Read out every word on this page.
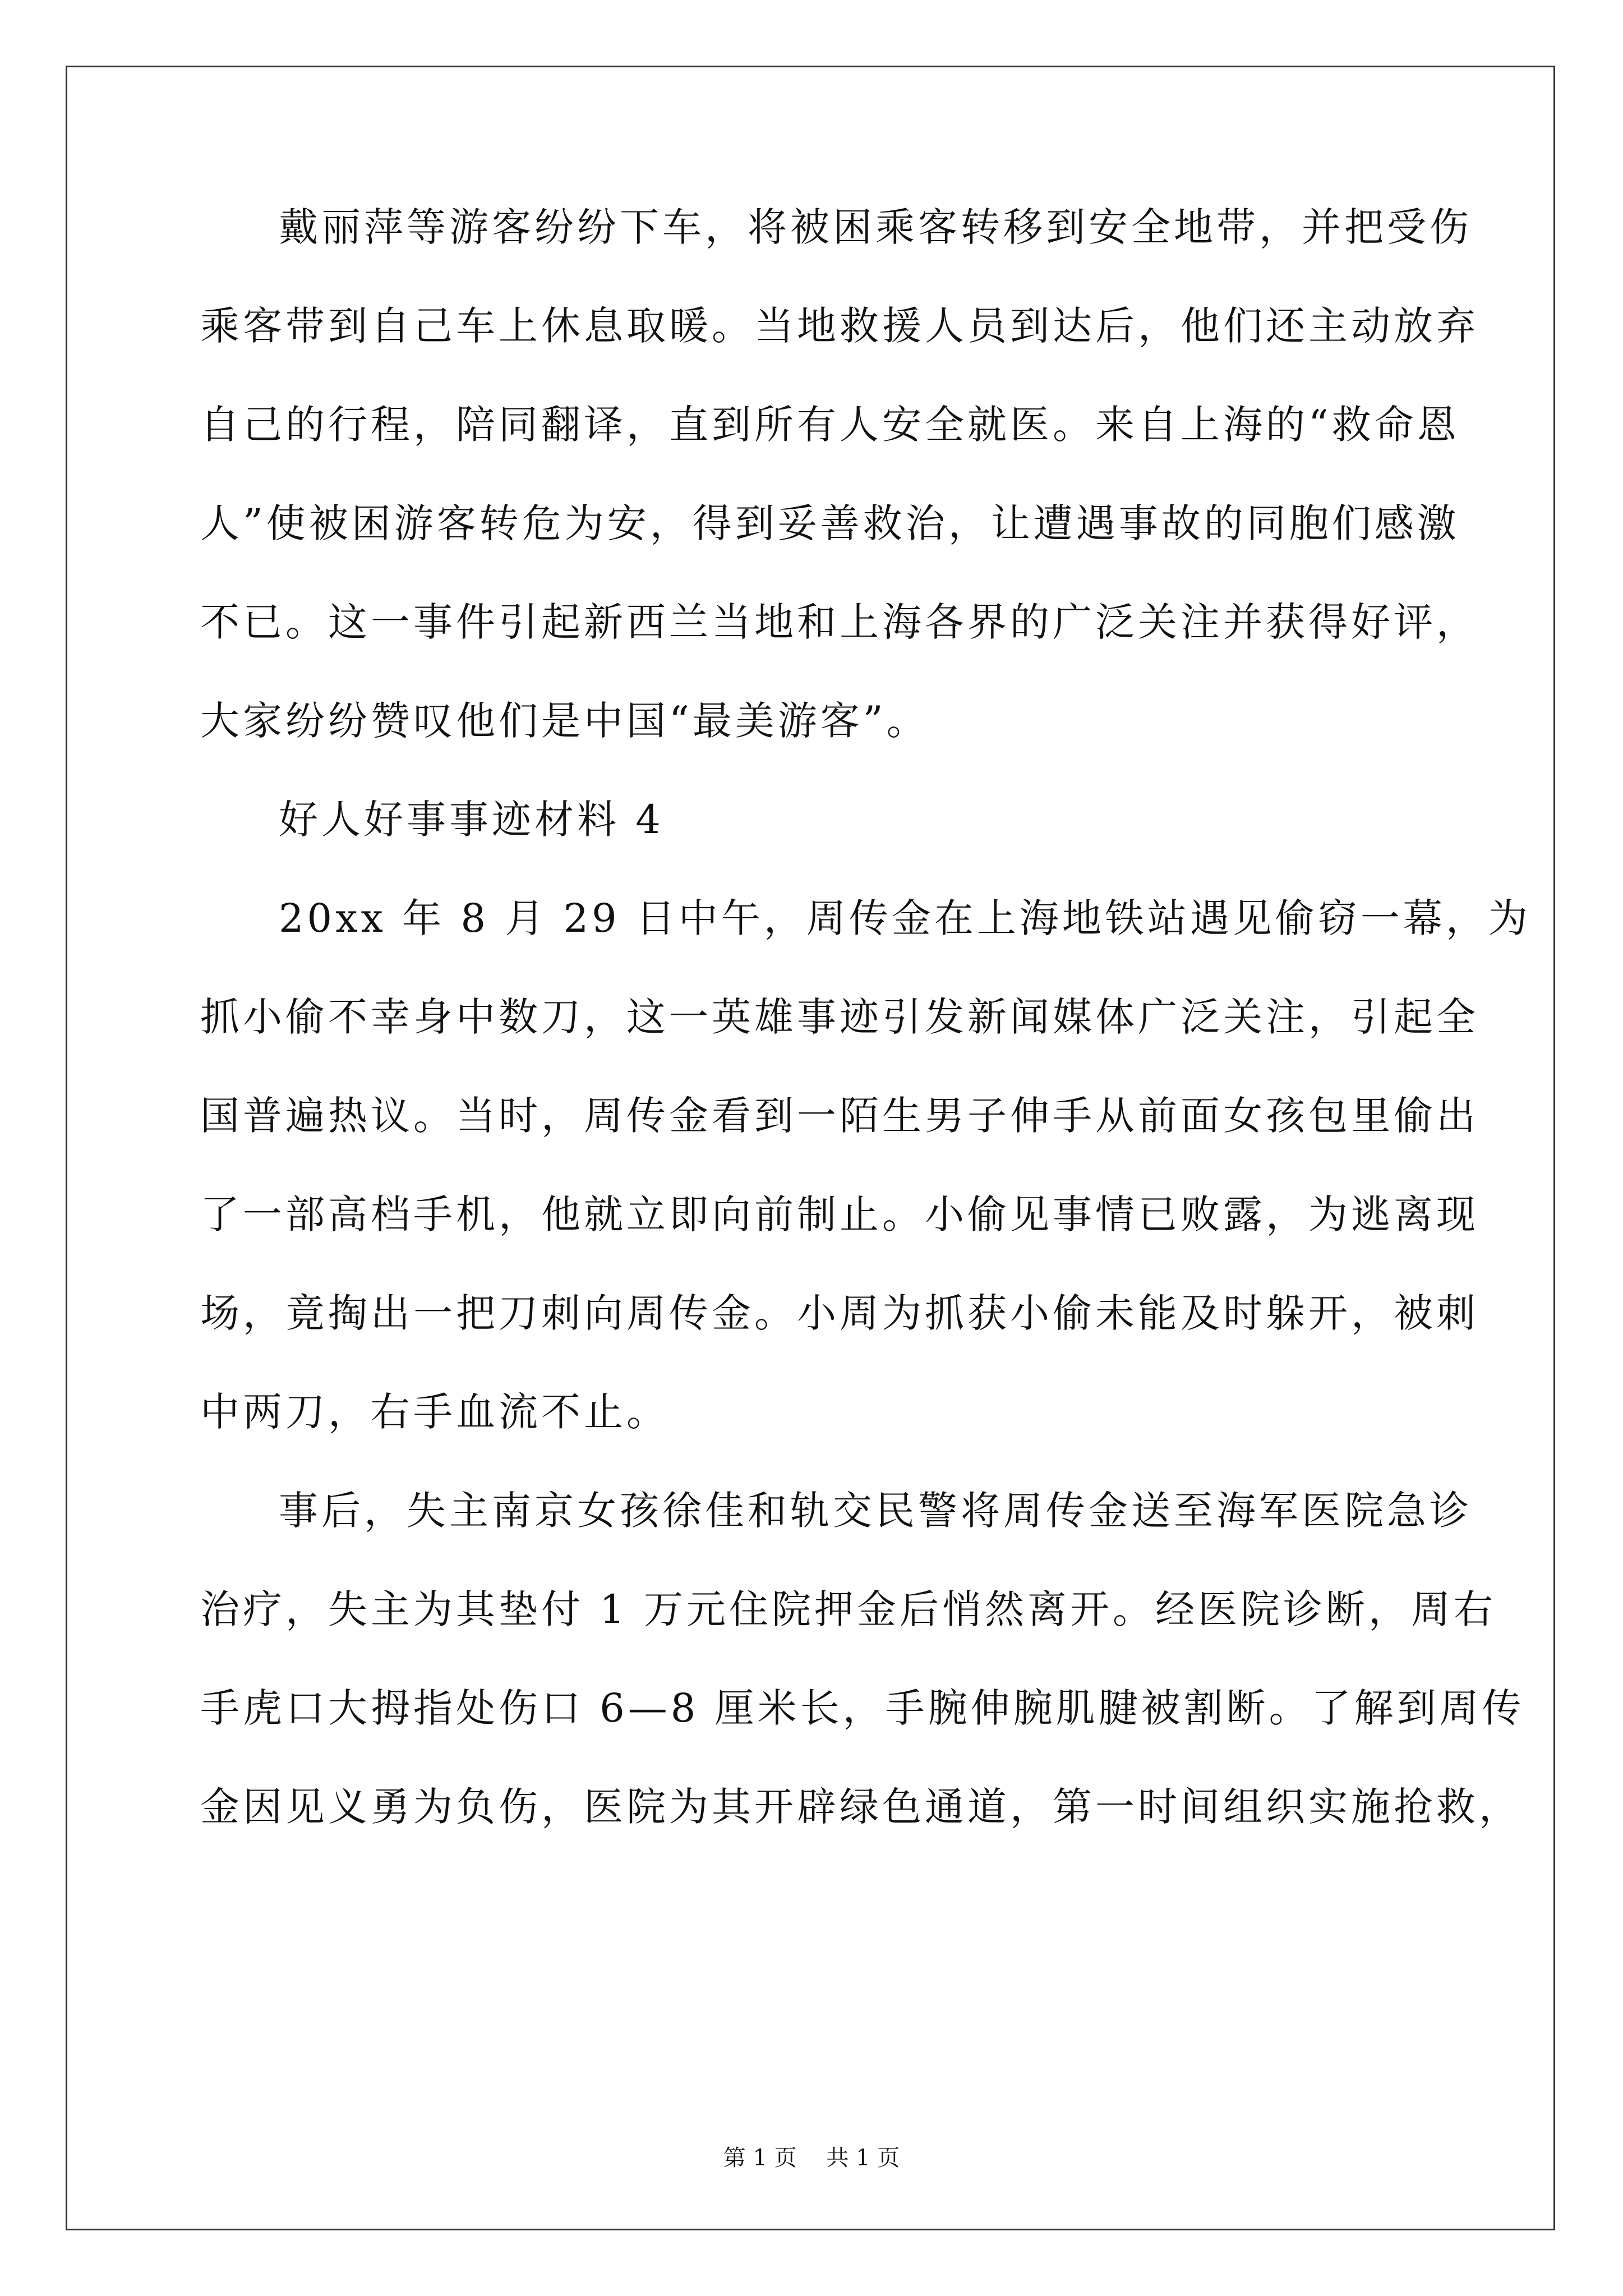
戴丽萍等游客纷纷下车，将被困乘客转移到安全地带，并把受伤
乘客带到自己车上休息取暖。当地救援人员到达后，他们还主动放弃
自己的行程，陪同翻译，直到所有人安全就医。来自上海的“救命恩
人”使被困游客转危为安，得到妥善救治，让遭遇事故的同胞们感激
不已。这一事件引起新西兰当地和上海各界的广泛关注并获得好评，
大家纷纷赞叹他们是中国“最美游客”。
好人好事事迹材料 4
20xx 年 8 月 29 日中午，周传金在上海地铁站遇见偷窃一幕，为
抓小偷不幸身中数刀，这一英雄事迹引发新闻媒体广泛关注，引起全
国普遍热议。当时，周传金看到一陌生男子伸手从前面女孩包里偷出
了一部高档手机，他就立即向前制止。小偷见事情已败露，为逃离现
场，竟掏出一把刀刺向周传金。小周为抓获小偷未能及时躲开，被刺
中两刀，右手血流不止。
事后，失主南京女孩徐佳和轨交民警将周传金送至海军医院急诊
治疗，失主为其垫付 1 万元住院押金后悄然离开。经医院诊断，周右
手虎口大拇指处伤口 6—8 厘米长，手腕伸腕肌腱被割断。了解到周传
金因见义勇为负伤，医院为其开辟绿色通道，第一时间组织实施抢救，
第 1 页 共 1 页
